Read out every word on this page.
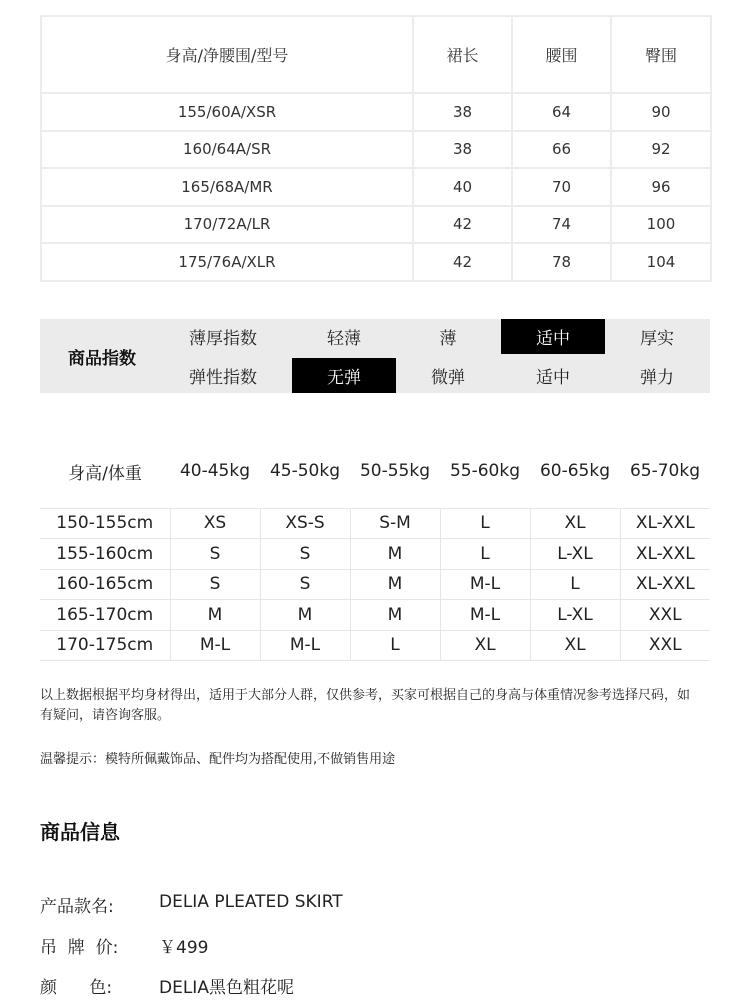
身高/净腰围/型号	裙长	腰围	臀围
155/60A/XSR	38	64	90
160/64A/SR	38	66	92
165/68A/MR	40	70	96
170/72A/LR	42	74	100
175/76A/XLR	42	78	104
商品指数
薄厚指数	轻薄	薄	适中	厚实
弹性指数	无弹	微弹	适中	弹力
身高/体重	40-45kg	45-50kg	50-55kg	55-60kg	60-65kg	65-70kg

150-155cm	XS	XS-S	S-M	L	XL	XL-XXL
155-160cm	S	S	M	L	L-XL	XL-XXL
160-165cm	S	S	M	M-L	L	XL-XXL
165-170cm	M	M	M	M-L	L-XL	XXL
170-175cm	M-L	M-L	L	XL	XL	XXL

以上数据根据平均身材得出，适用于大部分人群，仅供参考，买家可根据自己的身高与体重情况参考选择尺码，如有疑问，请咨询客服。

温馨提示：模特所佩戴饰品、配件均为搭配使用,不做销售用途

商品信息
产品款名:	DELIA PLEATED SKIRT
吊  牌  价:	￥499
颜      色:	DELIA黑色粗花呢
